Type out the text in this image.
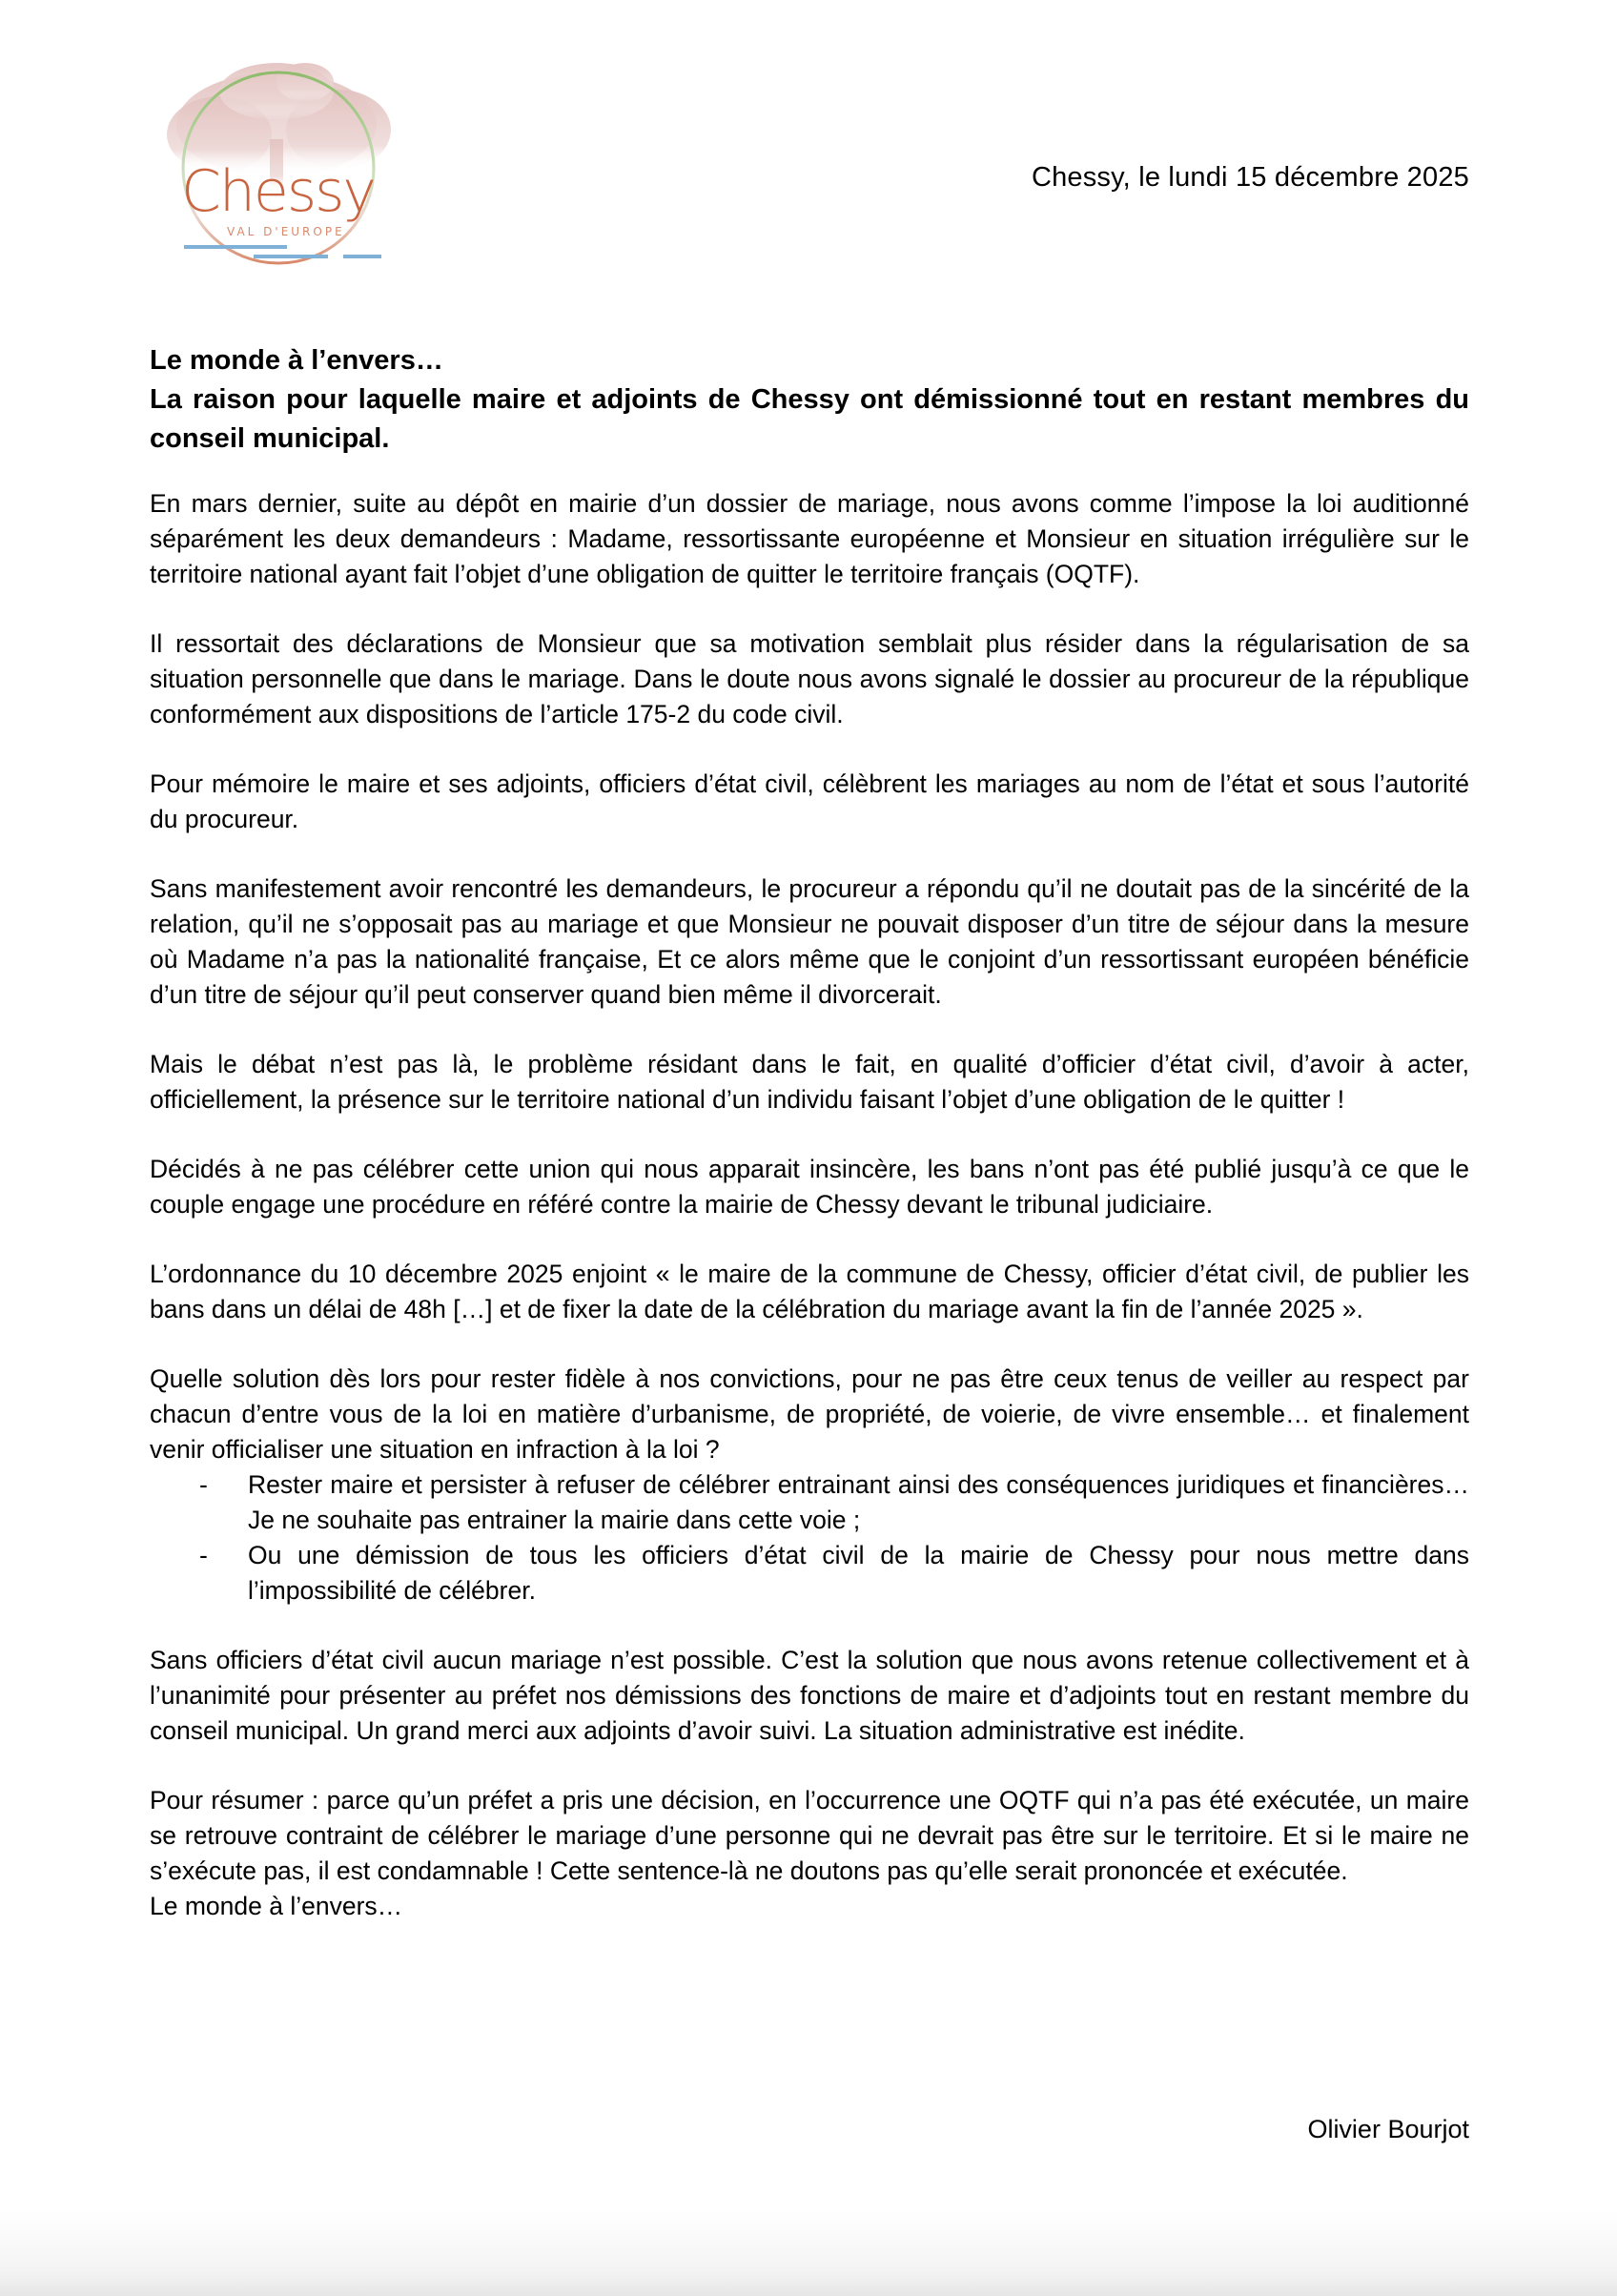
Chessy
VAL D'EUROPE
Chessy, le lundi 15 décembre 2025
Le monde à l’envers…
La raison pour laquelle maire et adjoints de Chessy ont démissionné tout en restant membres du conseil municipal.

En mars dernier, suite au dépôt en mairie d’un dossier de mariage, nous avons comme l’impose la loi auditionné séparément les deux demandeurs : Madame, ressortissante européenne et Monsieur en situation irrégulière sur le territoire national ayant fait l’objet d’une obligation de quitter le territoire français (OQTF).

Il ressortait des déclarations de Monsieur que sa motivation semblait plus résider dans la régularisation de sa situation personnelle que dans le mariage. Dans le doute nous avons signalé le dossier au procureur de la république conformément aux dispositions de l’article 175-2 du code civil.

Pour mémoire le maire et ses adjoints, officiers d’état civil, célèbrent les mariages au nom de l’état et sous l’autorité du procureur.

Sans manifestement avoir rencontré les demandeurs, le procureur a répondu qu’il ne doutait pas de la sincérité de la relation, qu’il ne s’opposait pas au mariage et que Monsieur ne pouvait disposer d’un titre de séjour dans la mesure où Madame n’a pas la nationalité française, Et ce alors même que le conjoint d’un ressortissant européen bénéficie d’un titre de séjour qu’il peut conserver quand bien même il divorcerait.

Mais le débat n’est pas là, le problème résidant dans le fait, en qualité d’officier d’état civil, d’avoir à acter, officiellement, la présence sur le territoire national d’un individu faisant l’objet d’une obligation de le quitter !

Décidés à ne pas célébrer cette union qui nous apparait insincère, les bans n’ont pas été publié jusqu’à ce que le couple engage une procédure en référé contre la mairie de Chessy devant le tribunal judiciaire.

L’ordonnance du 10 décembre 2025 enjoint « le maire de la commune de Chessy, officier d’état civil, de publier les bans dans un délai de 48h […] et de fixer la date de la célébration du mariage avant la fin de l’année 2025 ».

Quelle solution dès lors pour rester fidèle à nos convictions, pour ne pas être ceux tenus de veiller au respect par chacun d’entre vous de la loi en matière d’urbanisme, de propriété, de voierie, de vivre ensemble… et finalement venir officialiser une situation en infraction à la loi ?

- Rester maire et persister à refuser de célébrer entrainant ainsi des conséquences juridiques et financières… Je ne souhaite pas entrainer la mairie dans cette voie ;
- Ou une démission de tous les officiers d’état civil de la mairie de Chessy pour nous mettre dans l’impossibilité de célébrer.

Sans officiers d’état civil aucun mariage n’est possible. C’est la solution que nous avons retenue collectivement et à l’unanimité pour présenter au préfet nos démissions des fonctions de maire et d’adjoints tout en restant membre du conseil municipal. Un grand merci aux adjoints d’avoir suivi. La situation administrative est inédite.

Pour résumer : parce qu’un préfet a pris une décision, en l’occurrence une OQTF qui n’a pas été exécutée, un maire se retrouve contraint de célébrer le mariage d’une personne qui ne devrait pas être sur le territoire. Et si le maire ne s’exécute pas, il est condamnable ! Cette sentence-là ne doutons pas qu’elle serait prononcée et exécutée.

Le monde à l’envers…

Olivier Bourjot
